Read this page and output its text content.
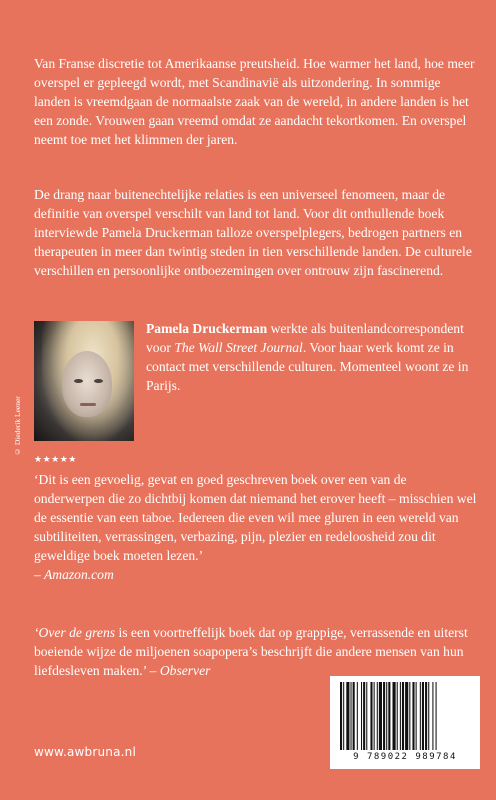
Van Franse discretie tot Amerikaanse preutsheid. Hoe warmer het land, hoe meer overspel er gepleegd wordt, met Scandinavië als uitzondering. In sommige landen is vreemdgaan de normaalste zaak van de wereld, in andere landen is het een zonde. Vrouwen gaan vreemd omdat ze aandacht tekortkomen. En overspel neemt toe met het klimmen der jaren.

De drang naar buitenechtelijke relaties is een universeel fenomeen, maar de definitie van overspel verschilt van land tot land. Voor dit onthullende boek interviewde Pamela Druckerman talloze overspelplegers, bedrogen partners en therapeuten in meer dan twintig steden in tien verschillende landen. De culturele verschillen en persoonlijke ontboezemingen over ontrouw zijn fascinerend.

© Diederik Leener

Pamela Druckerman werkte als buitenlandcorrespondent voor The Wall Street Journal. Voor haar werk komt ze in contact met verschillende culturen. Momenteel woont ze in Parijs.

★★★★★

‘Dit is een gevoelig, gevat en goed geschreven boek over een van de onderwerpen die zo dichtbij komen dat niemand het erover heeft – misschien wel de essentie van een taboe. Iedereen die even wil mee gluren in een wereld van subtiliteiten, verrassingen, verbazing, pijn, plezier en redeloosheid zou dit geweldige boek moeten lezen.’
– Amazon.com

‘Over de grens is een voortreffelijk boek dat op grappige, verrassende en uiterst boeiende wijze de miljoenen soapopera’s beschrijft die andere mensen van hun liefdesleven maken.’ – Observer

9 789022 989784
www.awbruna.nl
